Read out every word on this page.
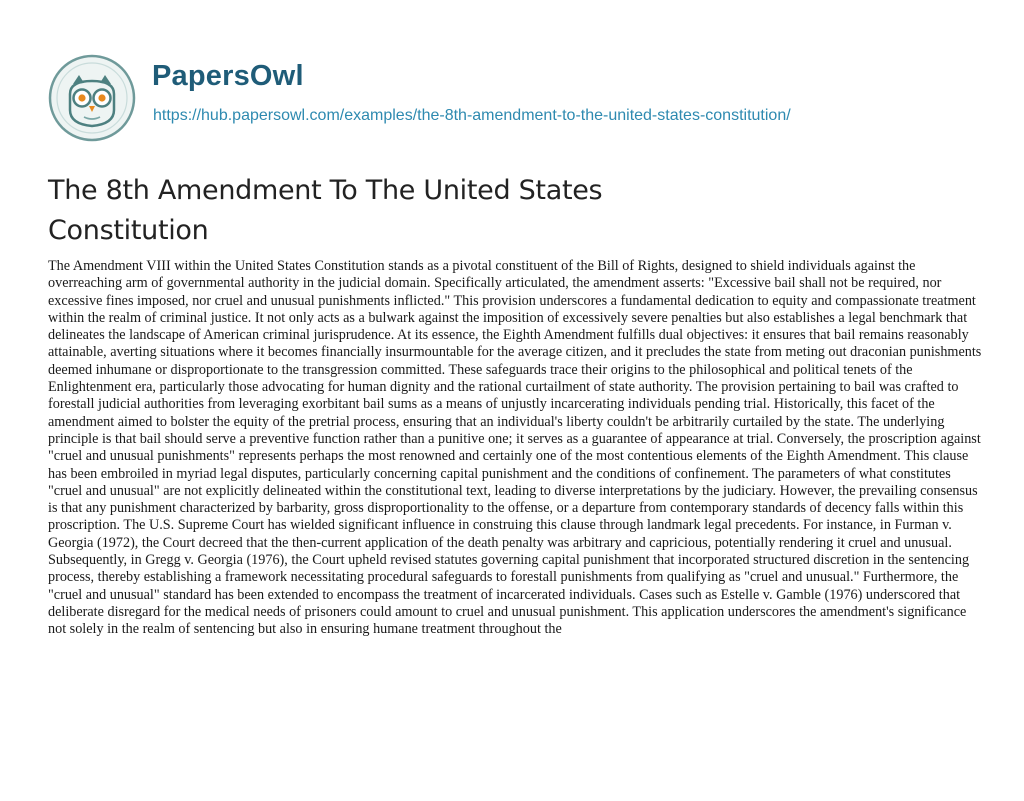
PapersOwl
https://hub.papersowl.com/examples/the-8th-amendment-to-the-united-states-constitution/
The 8th Amendment To The United States Constitution

The Amendment VIII within the United States Constitution stands as a pivotal constituent of the Bill of Rights, designed to shield individuals against the overreaching arm of governmental authority in the judicial domain. Specifically articulated, the amendment asserts: "Excessive bail shall not be required, nor excessive fines imposed, nor cruel and unusual punishments inflicted." This provision underscores a fundamental dedication to equity and compassionate treatment within the realm of criminal justice. It not only acts as a bulwark against the imposition of excessively severe penalties but also establishes a legal benchmark that delineates the landscape of American criminal jurisprudence. At its essence, the Eighth Amendment fulfills dual objectives: it ensures that bail remains reasonably attainable, averting situations where it becomes financially insurmountable for the average citizen, and it precludes the state from meting out draconian punishments deemed inhumane or disproportionate to the transgression committed. These safeguards trace their origins to the philosophical and political tenets of the Enlightenment era, particularly those advocating for human dignity and the rational curtailment of state authority. The provision pertaining to bail was crafted to forestall judicial authorities from leveraging exorbitant bail sums as a means of unjustly incarcerating individuals pending trial. Historically, this facet of the amendment aimed to bolster the equity of the pretrial process, ensuring that an individual's liberty couldn't be arbitrarily curtailed by the state. The underlying principle is that bail should serve a preventive function rather than a punitive one; it serves as a guarantee of appearance at trial. Conversely, the proscription against "cruel and unusual punishments" represents perhaps the most renowned and certainly one of the most contentious elements of the Eighth Amendment. This clause has been embroiled in myriad legal disputes, particularly concerning capital punishment and the conditions of confinement. The parameters of what constitutes "cruel and unusual" are not explicitly delineated within the constitutional text, leading to diverse interpretations by the judiciary. However, the prevailing consensus is that any punishment characterized by barbarity, gross disproportionality to the offense, or a departure from contemporary standards of decency falls within this proscription. The U.S. Supreme Court has wielded significant influence in construing this clause through landmark legal precedents. For instance, in Furman v. Georgia (1972), the Court decreed that the then-current application of the death penalty was arbitrary and capricious, potentially rendering it cruel and unusual. Subsequently, in Gregg v. Georgia (1976), the Court upheld revised statutes governing capital punishment that incorporated structured discretion in the sentencing process, thereby establishing a framework necessitating procedural safeguards to forestall punishments from qualifying as "cruel and unusual." Furthermore, the "cruel and unusual" standard has been extended to encompass the treatment of incarcerated individuals. Cases such as Estelle v. Gamble (1976) underscored that deliberate disregard for the medical needs of prisoners could amount to cruel and unusual punishment. This application underscores the amendment's significance not solely in the realm of sentencing but also in ensuring humane treatment throughout the
